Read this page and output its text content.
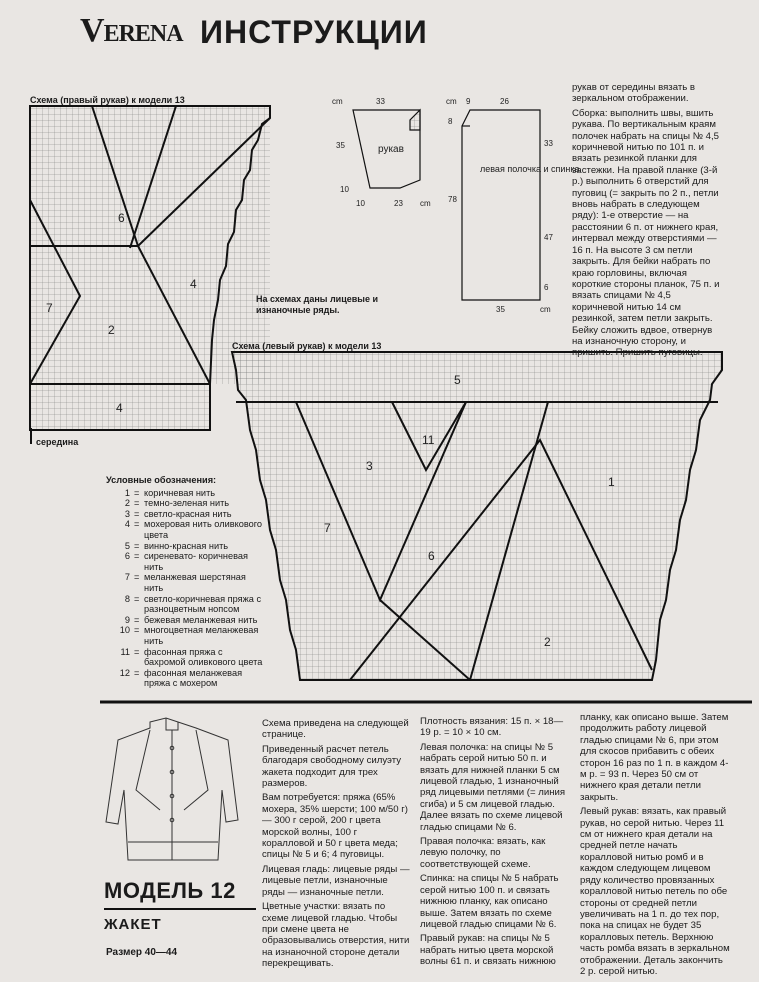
VERENA ИНСТРУКЦИИ
Схема (правый рукав) к модели 13
6
7
2
4
4
рукав
cm	33
35
10
10	23 cm
левая полочка и спинка
cm 9	26
8
33
78
47
6
35	cm
5
11
3
7
6
1
2
На схемах даны лицевые и изнаночные ряды.
Схема (левый рукав) к модели 13
середина

рукав от середины вязать в зеркальном отображении.

Сборка: выполнить швы, вшить рукава. По вертикальным краям полочек набрать на спицы № 4,5 коричневой нитью по 101 п. и вязать резинкой планки для застежки. На правой планке (3-й р.) выполнить 6 отверстий для пуговиц (= закрыть по 2 п., петли вновь набрать в следующем ряду): 1-е отверстие — на расстоянии 6 п. от нижнего края, интервал между отверстиями — 16 п. На высоте 3 см петли закрыть. Для бейки набрать по краю горловины, включая короткие стороны планок, 75 п. и вязать спицами № 4,5 коричневой нитью 14 см резинкой, затем петли закрыть. Бейку сложить вдвое, отвернув на изнаночную сторону, и пришить. Пришить пуговицы.

Условные обозначения:
1 = коричневая нить
2 = темно-зеленая нить
3 = светло-красная нить
4 = мохеровая нить оливкового цвета
5 = винно-красная нить
6 = сиреневато- коричневая нить
7 = меланжевая шерстяная нить
8 = светло-коричневая пряжа с разноцветным нопсом
9 = бежевая меланжевая нить
10 = многоцветная меланжевая нить
11 = фасонная пряжа с бахромой оливкового цвета
12 = фасонная меланжевая пряжа с мохером

Схема приведена на следующей странице.

Приведенный расчет петель благодаря свободному силуэту жакета подходит для трех размеров.

Вам потребуется: пряжа (65% мохера, 35% шерсти; 100 м/50 г) — 300 г серой, 200 г цвета морской волны, 100 г коралловой и 50 г цвета меда; спицы № 5 и 6; 4 пуговицы.

Лицевая гладь: лицевые ряды — лицевые петли, изнаночные ряды — изнаночные петли.

Цветные участки: вязать по схеме лицевой гладью. Чтобы при смене цвета не образовывались отверстия, нити на изнаночной стороне детали перекрещивать.

Плотность вязания: 15 п. × 18—19 р. = 10 × 10 см.

Левая полочка: на спицы № 5 набрать серой нитью 50 п. и вязать для нижней планки 5 см лицевой гладью, 1 изнаночный ряд лицевыми петлями (= линия сгиба) и 5 см лицевой гладью. Далее вязать по схеме лицевой гладью спицами № 6.

Правая полочка: вязать, как левую полочку, по соответствующей схеме.

Спинка: на спицы № 5 набрать серой нитью 100 п. и связать нижнюю планку, как описано выше. Затем вязать по схеме лицевой гладью спицами № 6.

Правый рукав: на спицы № 5 набрать нитью цвета морской волны 61 п. и связать нижнюю

планку, как описано выше. Затем продолжить работу лицевой гладью спицами № 6, при этом для скосов прибавить с обеих сторон 16 раз по 1 п. в каждом 4-м р. = 93 п. Через 50 см от нижнего края детали петли закрыть.

Левый рукав: вязать, как правый рукав, но серой нитью. Через 11 см от нижнего края детали на средней петле начать коралловой нитью ромб и в каждом следующем лицевом ряду количество провязанных коралловой нитью петель по обе стороны от средней петли увеличивать на 1 п. до тех пор, пока на спицах не будет 35 коралловых петель. Верхнюю часть ромба вязать в зеркальном отображении. Деталь закончить 2 р. серой нитью.

МОДЕЛЬ 12
ЖАКЕТ
Размер 40—44
